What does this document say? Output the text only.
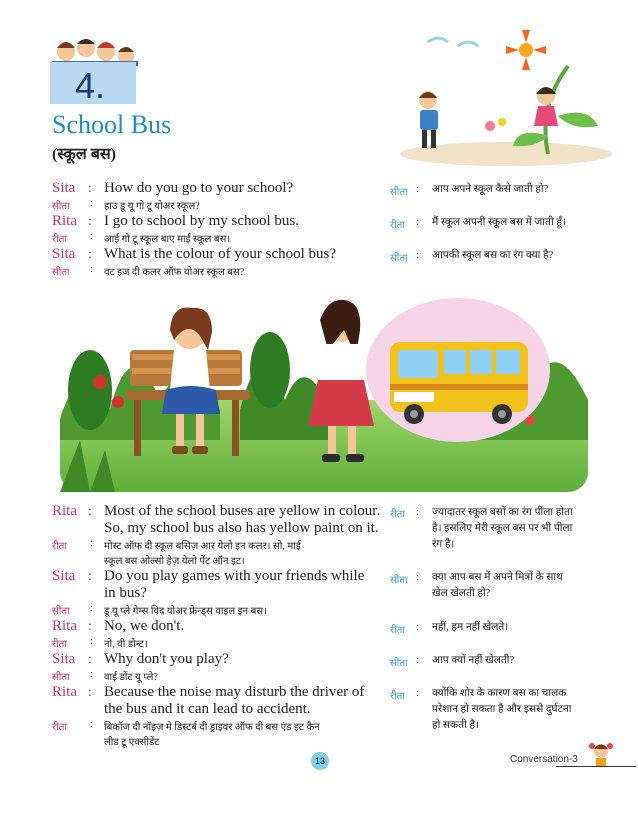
4.
School Bus
(स्कूल बस)
Sita : How do you go to your school?
सीता : हाउ डू यू गो टू योअर स्कूल?
सीता : आप अपने स्कूल कैसे जाती हो?
Rita : I go to school by my school bus.
रीता : आई गो टू स्कूल बाए माई स्कूल बस।
रीता : मैं स्कूल अपनी स्कूल बस में जाती हूँ।
Sita : What is the colour of your school bus?
सीता : वट इज दी कलर ऑफ योअर स्कूल बस?
सीता : आपकी स्कूल बस का रंग क्या है?
Rita : Most of the school buses are yellow in colour.
So, my school bus also has yellow paint on it.
रीता : मोस्ट ऑफ दी स्कूल बसिज़ आर येलो इन कलर। सो, माई
स्कूल बस ओल्सो हेज़ येलो पेंट ऑन इट।
रीता : ज्यादातर स्कूल बसों का रंग पीला होता
है। इसलिए मेरी स्कूल बस पर भी पीला
रंग है।
Sita : Do you play games with your friends while
in bus?
सीता : डू यू प्ले गेम्स विद योअर फ्रेन्ड्स वाइल इन बस।
सीता : क्या आप बस में अपने मित्रों के साथ
खेल खेलती हो?
Rita : No, we don't.
रीता : नो, वी डोन्ट।
रीता : नहीं, हम नहीं खेलते।
Sita : Why don't you play?
सीता : वाई डोंट यू प्ले?
सीता : आप क्यों नहीं खेलती?
Rita : Because the noise may disturb the driver of
the bus and it can lead to accident.
रीता : बिकॉज दी नॉइज़ मे डिस्टर्ब दी ड्राइवर ऑफ दी बस एंड इट कैन
लीड टू एक्सीडेंट
रीता : क्योंकि शोर के कारण बस का चालक
परेशान हो सकता है और इससे दुर्घटना
हो सकती है।
13	Conversation-3
